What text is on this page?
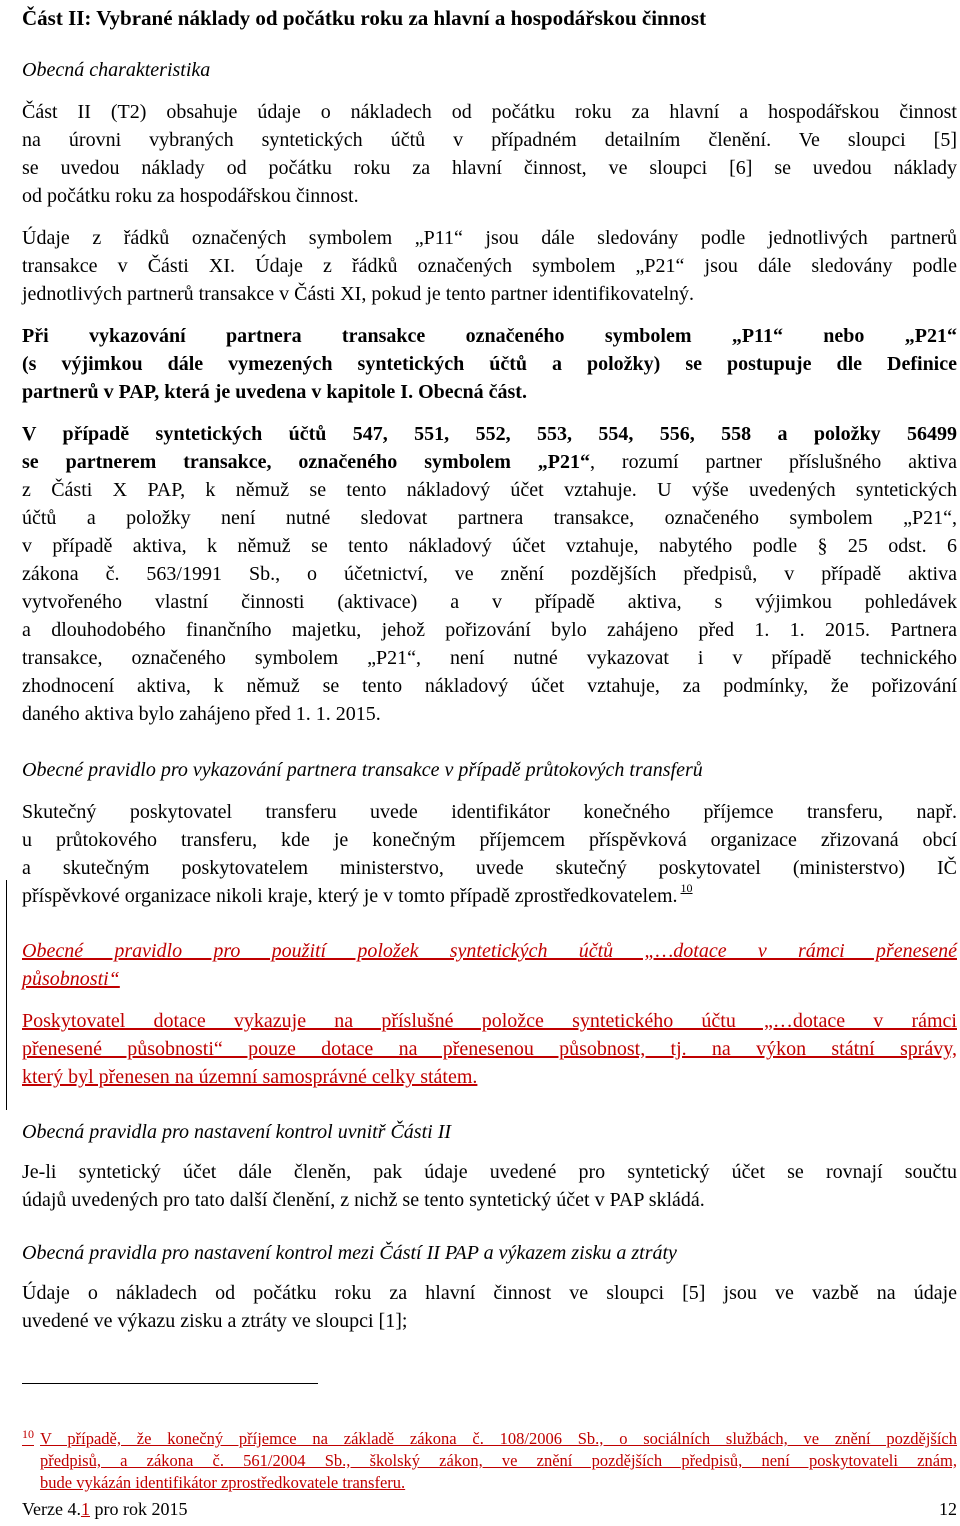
Část II: Vybrané náklady od počátku roku za hlavní a hospodářskou činnost
Obecná charakteristika
Část II (T2) obsahuje údaje o nákladech od počátku roku za hlavní a hospodářskou činnost
na úrovni vybraných syntetických účtů v případném detailním členění. Ve sloupci [5]
se uvedou náklady od počátku roku za hlavní činnost, ve sloupci [6] se uvedou náklady
od počátku roku za hospodářskou činnost.
Údaje z řádků označených symbolem „P11“ jsou dále sledovány podle jednotlivých partnerů
transakce v Části XI. Údaje z řádků označených symbolem „P21“ jsou dále sledovány podle
jednotlivých partnerů transakce v Části XI, pokud je tento partner identifikovatelný.
Při vykazování partnera transakce označeného symbolem „P11“ nebo „P21“
(s výjimkou dále vymezených syntetických účtů a položky) se postupuje dle Definice
partnerů v PAP, která je uvedena v kapitole I. Obecná část.
V případě syntetických účtů 547, 551, 552, 553, 554, 556, 558 a položky 56499
se partnerem transakce, označeného symbolem „P21“, rozumí partner příslušného aktiva
z Části X PAP, k němuž se tento nákladový účet vztahuje. U výše uvedených syntetických
účtů a položky není nutné sledovat partnera transakce, označeného symbolem „P21“,
v případě aktiva, k němuž se tento nákladový účet vztahuje, nabytého podle § 25 odst. 6
zákona č. 563/1991 Sb., o účetnictví, ve znění pozdějších předpisů, v případě aktiva
vytvořeného vlastní činnosti (aktivace) a v případě aktiva, s výjimkou pohledávek
a dlouhodobého finančního majetku, jehož pořizování bylo zahájeno před 1. 1. 2015. Partnera
transakce, označeného symbolem „P21“, není nutné vykazovat i v případě technického
zhodnocení aktiva, k němuž se tento nákladový účet vztahuje, za podmínky, že pořizování
daného aktiva bylo zahájeno před 1. 1. 2015.
Obecné pravidlo pro vykazování partnera transakce v případě průtokových transferů
Skutečný poskytovatel transferu uvede identifikátor konečného příjemce transferu, např.
u průtokového transferu, kde je konečným příjemcem příspěvková organizace zřizovaná obcí
a skutečným poskytovatelem ministerstvo, uvede skutečný poskytovatel (ministerstvo) IČ
příspěvkové organizace nikoli kraje, který je v tomto případě zprostředkovatelem. $^{10}$
Obecné pravidlo pro použití položek syntetických účtů „…dotace v rámci přenesené
působnosti“
Poskytovatel dotace vykazuje na příslušné položce syntetického účtu „…dotace v rámci
přenesené působnosti“ pouze dotace na přenesenou působnost, tj. na výkon státní správy,
který byl přenesen na územní samosprávné celky státem.
Obecná pravidla pro nastavení kontrol uvnitř Části II
Je-li syntetický účet dále členěn, pak údaje uvedené pro syntetický účet se rovnají součtu
údajů uvedených pro tato další členění, z nichž se tento syntetický účet v PAP skládá.
Obecná pravidla pro nastavení kontrol mezi Částí II PAP a výkazem zisku a ztráty
Údaje o nákladech od počátku roku za hlavní činnost ve sloupci [5] jsou ve vazbě na údaje
uvedené ve výkazu zisku a ztráty ve sloupci [1];
$^{10}$ V případě, že konečný příjemce na základě zákona č. 108/2006 Sb., o sociálních službách, ve znění pozdějších
předpisů, a zákona č. 561/2004 Sb., školský zákon, ve znění pozdějších předpisů, není poskytovateli znám,
bude vykázán identifikátor zprostředkovatele transferu.
Verze 4.1 pro rok 2015	12
